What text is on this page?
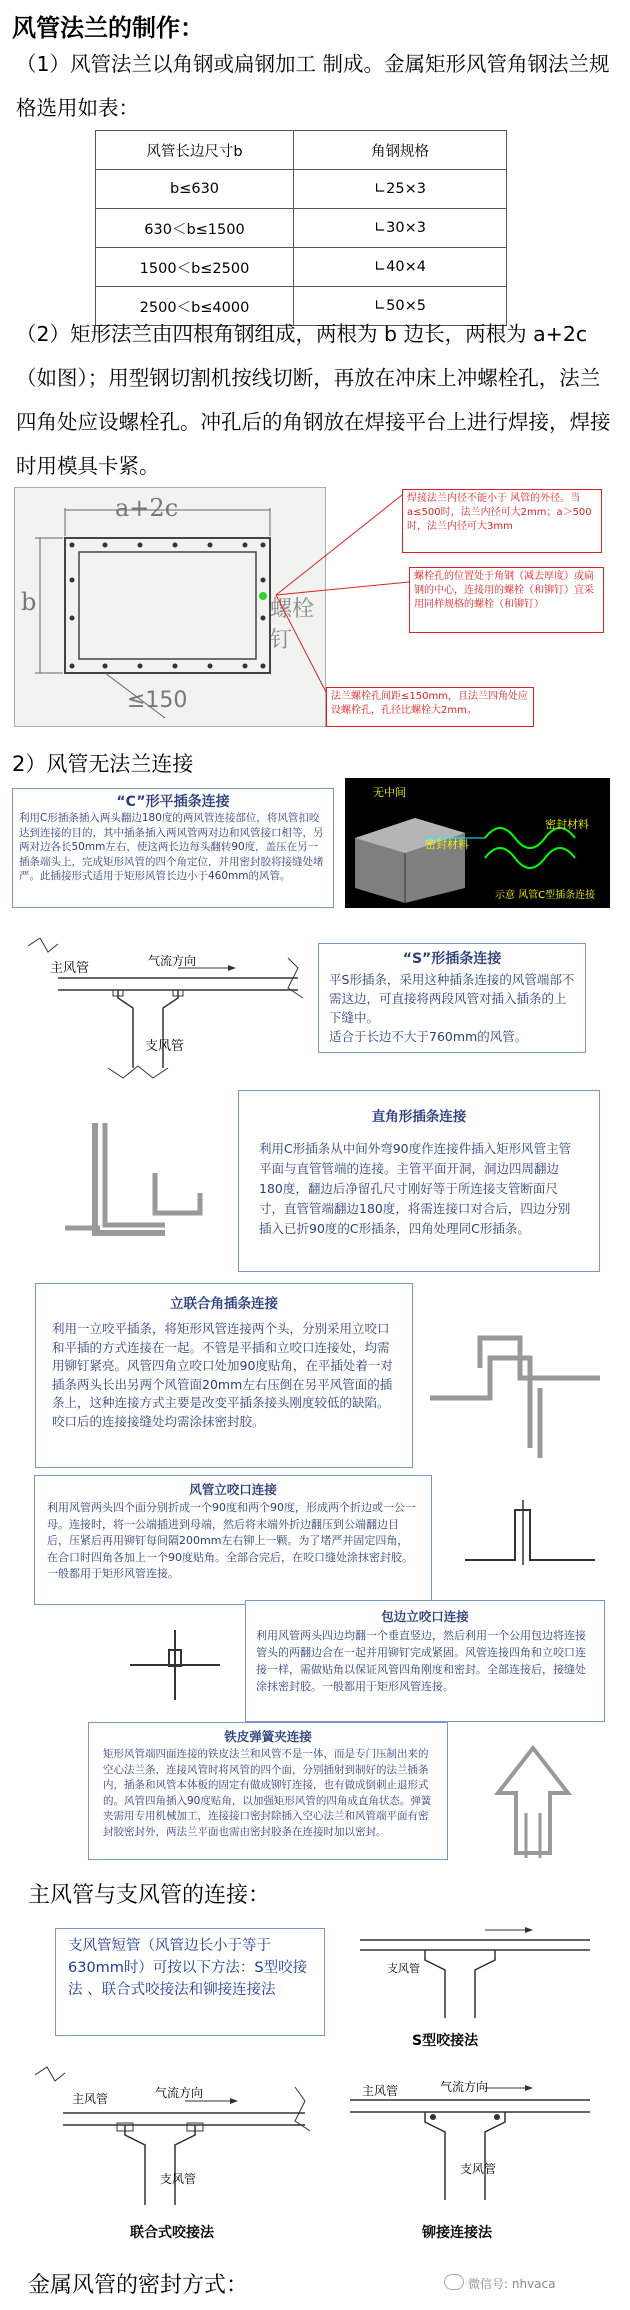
风管法兰的制作：
（1）风管法兰以角钢或扁钢加工 制成。金属矩形风管角钢法兰规格选用如表：
风管长边尺寸b	角钢规格
b≤630	∟25×3
630＜b≤1500	∟30×3
1500＜b≤2500	∟40×4
2500＜b≤4000	∟50×5
（2）矩形法兰由四根角钢组成，两根为 b 边长，两根为 a+2c（如图）；用型钢切割机按线切断，再放在冲床上冲螺栓孔，法兰四角处应设螺栓孔。冲孔后的角钢放在焊接平台上进行焊接，焊接时用模具卡紧。
a+2c
b	螺栓钉
≤150
焊接法兰内径不能小于 风管的外径。当a≤500时，法兰内径可大2mm；a＞500时，法兰内径可大3mm
螺栓孔的位置处于角钢（减去厚度）或扁钢的中心，连接用的螺栓（和铆钉）宜采用同样规格的螺栓（和铆钉）
法兰螺栓孔间距≤150mm，且法兰四角处应设螺栓孔，孔径比螺栓大2mm。
2）风管无法兰连接
“C”形平插条连接
利用C形插条插入两头翻边180度的两风管连接部位，将风管扣咬达到连接的目的，其中插条插入两风管两对边和风管接口相等，另两对边各长50mm左右，使这两长边每头翻转90度，盖压在另一插条端头上，完成矩形风管的四个角定位，并用密封胶将接缝处堵严。此插接形式适用于矩形风管长边小于460mm的风管。
无中间
密封材料
密封材料
示意 风管C型插条连接
主风管	气流方向
支风管
“S”形插条连接
平S形插条，采用这种插条连接的风管端部不需这边，可直接将两段风管对插入插条的上下缝中。
适合于长边不大于760mm的风管。
直角形插条连接
利用C形插条从中间外弯90度作连接件插入矩形风管主管平面与直管管端的连接。主管平面开洞，洞边四周翻边180度，翻边后净留孔尺寸刚好等于所连接支管断面尺寸，直管管端翻边180度，将需连接口对合后，四边分别插入已折90度的C形插条，四角处理同C形插条。
立联合角插条连接
利用一立咬平插条，将矩形风管连接两个头，分别采用立咬口和平插的方式连接在一起。不管是平插和立咬口连接处，均需用铆钉紧亮。风管四角立咬口处加90度贴角，在平插处着一对插条两头长出另两个风管面20mm左右压倒在另平风管面的插条上，这种连接方式主要是改变平插条接头刚度较低的缺陷。咬口后的连接接缝处均需涂抹密封胶。
风管立咬口连接
利用风管两头四个面分别折成一个90度和两个90度，形成两个折边或一公一母。连接时，将一公端插进到母端，然后将末端外折边翻压到公端翻边目后，压紧后再用铆钉每间隔200mm左右铆上一颗。为了堵严并固定四角，在合口时四角各加上一个90度贴角。全部合完后，在咬口缝处涂抹密封胶。一般都用于矩形风管连接。
包边立咬口连接
利用风管两头四边均翻一个垂直竖边，然后利用一个公用包边将连接管头的两翻边合在一起并用铆钉完成紧固。风管连接四角和立咬口连接一样，需做贴角以保证风管四角刚度和密封。全部连接后，接缝处涂抹密封胶。一般都用于矩形风管连接。
铁皮弹簧夹连接
矩形风管端四面连接的铁皮法兰和风管不是一体，而是专门压制出来的空心法兰条，连接风管时将风管的四个面，分别插射到制好的法兰插条内，插条和风管本体板的固定有做成铆钉连接，也有做成倒刺止退形式的。风管四角插入90度贴角，以加强矩形风管的四角成直角状态。弹簧夹需用专用机械加工，连接接口密封除插入空心法兰和风管端平面有密封胶密封外，两法兰平面也需由密封胶条在连接时加以密封。
主风管与支风管的连接：
支风管短管（风管边长小于等于630mm时）可按以下方法：S型咬接法 、联合式咬接法和铆接连接法
支风管
S型咬接法
主风管	气流方向
支风管
联合式咬接法
主风管	气流方向
支风管
铆接连接法
金属风管的密封方式：	微信号: nhvaca
